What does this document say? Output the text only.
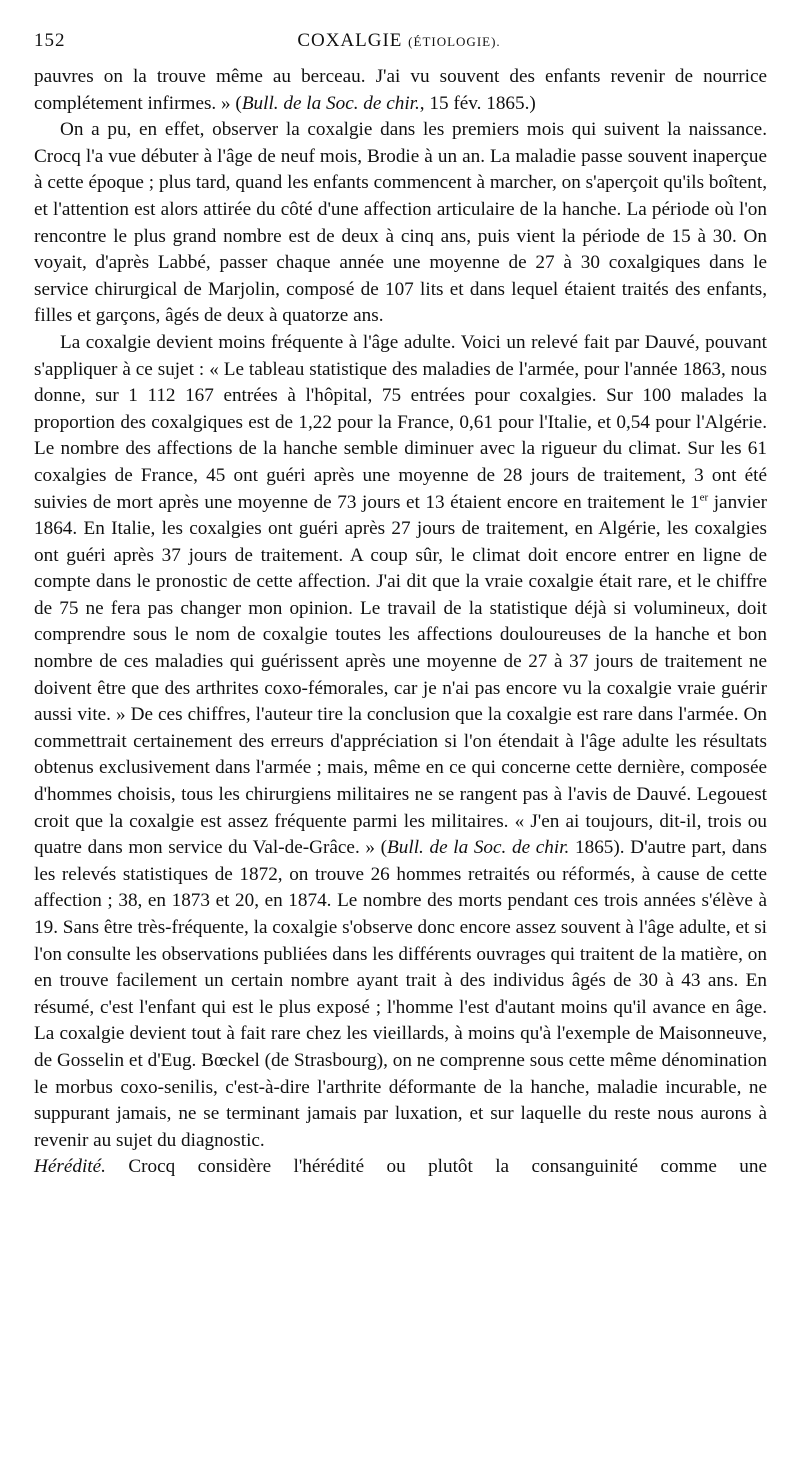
152	COXALGIE (ÉTIOLOGIE).

pauvres on la trouve même au berceau. J'ai vu souvent des enfants revenir de nourrice complétement infirmes. » (Bull. de la Soc. de chir., 15 fév. 1865.)

On a pu, en effet, observer la coxalgie dans les premiers mois qui suivent la naissance. Crocq l'a vue débuter à l'âge de neuf mois, Brodie à un an. La maladie passe souvent inaperçue à cette époque ; plus tard, quand les enfants commencent à marcher, on s'aperçoit qu'ils boîtent, et l'attention est alors attirée du côté d'une affection articulaire de la hanche. La période où l'on rencontre le plus grand nombre est de deux à cinq ans, puis vient la période de 15 à 30. On voyait, d'après Labbé, passer chaque année une moyenne de 27 à 30 coxalgiques dans le service chirurgical de Marjolin, composé de 107 lits et dans lequel étaient traités des enfants, filles et garçons, âgés de deux à quatorze ans.

La coxalgie devient moins fréquente à l'âge adulte. Voici un relevé fait par Dauvé, pouvant s'appliquer à ce sujet : « Le tableau statistique des maladies de l'armée, pour l'année 1863, nous donne, sur 1 112 167 entrées à l'hôpital, 75 entrées pour coxalgies. Sur 100 malades la proportion des coxalgiques est de 1,22 pour la France, 0,61 pour l'Italie, et 0,54 pour l'Algérie. Le nombre des affections de la hanche semble diminuer avec la rigueur du climat. Sur les 61 coxalgies de France, 45 ont guéri après une moyenne de 28 jours de traitement, 3 ont été suivies de mort après une moyenne de 73 jours et 13 étaient encore en traitement le 1er janvier 1864. En Italie, les coxalgies ont guéri après 27 jours de traitement, en Algérie, les coxalgies ont guéri après 37 jours de traitement. A coup sûr, le climat doit encore entrer en ligne de compte dans le pronostic de cette affection. J'ai dit que la vraie coxalgie était rare, et le chiffre de 75 ne fera pas changer mon opinion. Le travail de la statistique déjà si volumineux, doit comprendre sous le nom de coxalgie toutes les affections douloureuses de la hanche et bon nombre de ces maladies qui guérissent après une moyenne de 27 à 37 jours de traitement ne doivent être que des arthrites coxo-fémorales, car je n'ai pas encore vu la coxalgie vraie guérir aussi vite. » De ces chiffres, l'auteur tire la conclusion que la coxalgie est rare dans l'armée. On commettrait certainement des erreurs d'appréciation si l'on étendait à l'âge adulte les résultats obtenus exclusivement dans l'armée ; mais, même en ce qui concerne cette dernière, composée d'hommes choisis, tous les chirurgiens militaires ne se rangent pas à l'avis de Dauvé. Legouest croit que la coxalgie est assez fréquente parmi les militaires. « J'en ai toujours, dit-il, trois ou quatre dans mon service du Val-de-Grâce. » (Bull. de la Soc. de chir. 1865). D'autre part, dans les relevés statistiques de 1872, on trouve 26 hommes retraités ou réformés, à cause de cette affection ; 38, en 1873 et 20, en 1874. Le nombre des morts pendant ces trois années s'élève à 19. Sans être très-fréquente, la coxalgie s'observe donc encore assez souvent à l'âge adulte, et si l'on consulte les observations publiées dans les différents ouvrages qui traitent de la matière, on en trouve facilement un certain nombre ayant trait à des individus âgés de 30 à 43 ans. En résumé, c'est l'enfant qui est le plus exposé ; l'homme l'est d'autant moins qu'il avance en âge. La coxalgie devient tout à fait rare chez les vieillards, à moins qu'à l'exemple de Maisonneuve, de Gosselin et d'Eug. Bœckel (de Strasbourg), on ne comprenne sous cette même dénomination le morbus coxo-senilis, c'est-à-dire l'arthrite déformante de la hanche, maladie incurable, ne suppurant jamais, ne se terminant jamais par luxation, et sur laquelle du reste nous aurons à revenir au sujet du diagnostic.

Hérédité. Crocq considère l'hérédité ou plutôt la consanguinité comme une
